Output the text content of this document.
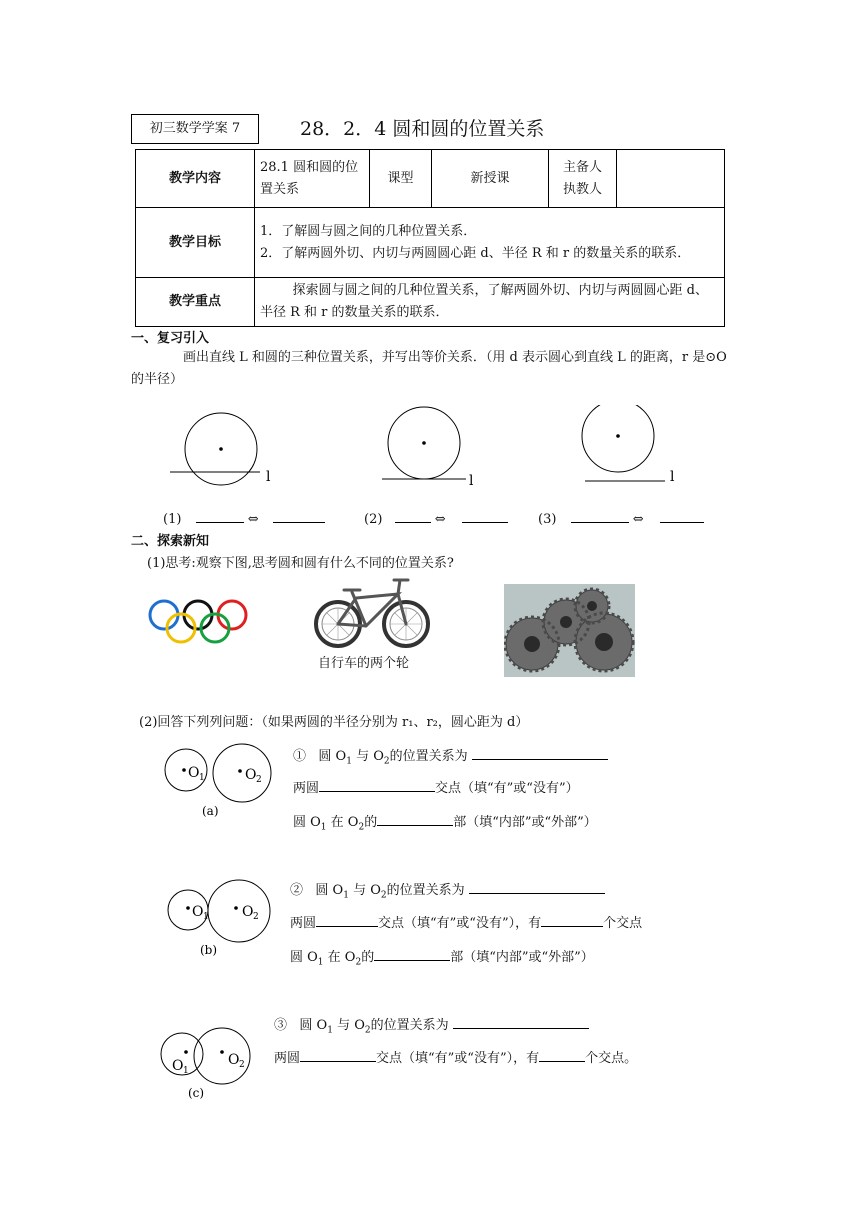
初三数学学案 7	28．2．4 圆和圆的位置关系
教学内容	28.1 圆和圆的位置关系	课型	新授课	主备人
执教人	

教学目标	1．了解圆与圆之间的几种位置关系．
2．了解两圆外切、内切与两圆圆心距 d、半径 R 和 r 的数量关系的联系．				

教学重点	探索圆与圆之间的几种位置关系，了解两圆外切、内切与两圆圆心距 d、半径 R 和 r 的数量关系的联系．				
一、复习引入
画出直线 L 和圆的三种位置关系，并写出等价关系．（用 d 表示圆心到直线 L 的距离，r 是⊙O 的半径）
l	l	l
(1)	⇔	(2)	⇔	(3)	⇔
二、探索新知
(1)思考:观察下图,思考圆和圆有什么不同的位置关系?
自行车的两个轮
(2)回答下列列问题：（如果两圆的半径分别为 r₁、r₂，圆心距为 d）
O 1	O 2
(a)
① 圆 $O_1$ 与 $O_2$的位置关系为
两圆	交点（填“有”或“没有”）
圆 $O_1$ 在 $O_2$的	部（填“内部”或“外部”）
O 1 O 2
(b)
② 圆 $O_1$ 与 $O_2$的位置关系为
两圆	交点（填“有”或“没有”），有	个交点
圆 $O_1$ 在 $O_2$的	部（填“内部”或“外部”）
O 1
O 2
(c)
③ 圆 $O_1$ 与 $O_2$的位置关系为
两圆	交点（填“有”或“没有”），有	个交点。
